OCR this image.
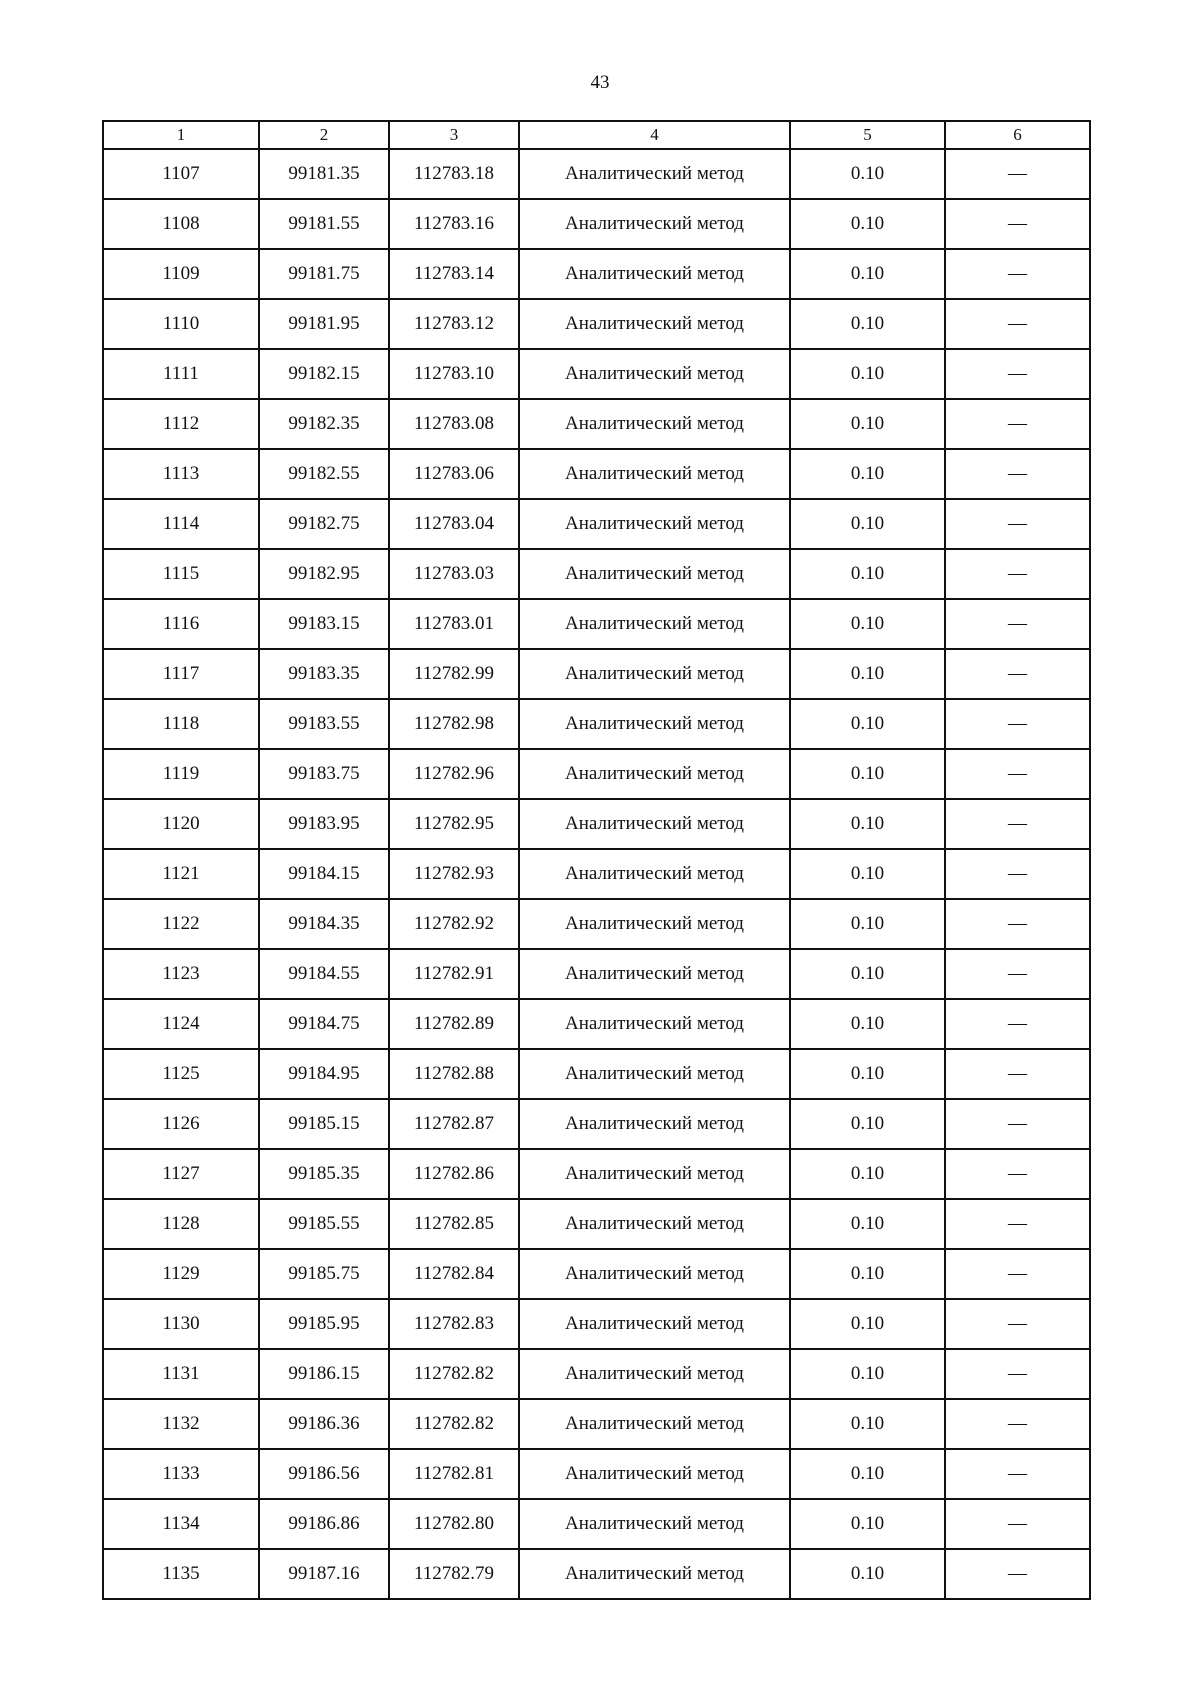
43
1	2	3	4	5	6
1107	99181.35	112783.18	Аналитический метод	0.10	—
1108	99181.55	112783.16	Аналитический метод	0.10	—
1109	99181.75	112783.14	Аналитический метод	0.10	—
1110	99181.95	112783.12	Аналитический метод	0.10	—
1111	99182.15	112783.10	Аналитический метод	0.10	—
1112	99182.35	112783.08	Аналитический метод	0.10	—
1113	99182.55	112783.06	Аналитический метод	0.10	—
1114	99182.75	112783.04	Аналитический метод	0.10	—
1115	99182.95	112783.03	Аналитический метод	0.10	—
1116	99183.15	112783.01	Аналитический метод	0.10	—
1117	99183.35	112782.99	Аналитический метод	0.10	—
1118	99183.55	112782.98	Аналитический метод	0.10	—
1119	99183.75	112782.96	Аналитический метод	0.10	—
1120	99183.95	112782.95	Аналитический метод	0.10	—
1121	99184.15	112782.93	Аналитический метод	0.10	—
1122	99184.35	112782.92	Аналитический метод	0.10	—
1123	99184.55	112782.91	Аналитический метод	0.10	—
1124	99184.75	112782.89	Аналитический метод	0.10	—
1125	99184.95	112782.88	Аналитический метод	0.10	—
1126	99185.15	112782.87	Аналитический метод	0.10	—
1127	99185.35	112782.86	Аналитический метод	0.10	—
1128	99185.55	112782.85	Аналитический метод	0.10	—
1129	99185.75	112782.84	Аналитический метод	0.10	—
1130	99185.95	112782.83	Аналитический метод	0.10	—
1131	99186.15	112782.82	Аналитический метод	0.10	—
1132	99186.36	112782.82	Аналитический метод	0.10	—
1133	99186.56	112782.81	Аналитический метод	0.10	—
1134	99186.86	112782.80	Аналитический метод	0.10	—
1135	99187.16	112782.79	Аналитический метод	0.10	—
